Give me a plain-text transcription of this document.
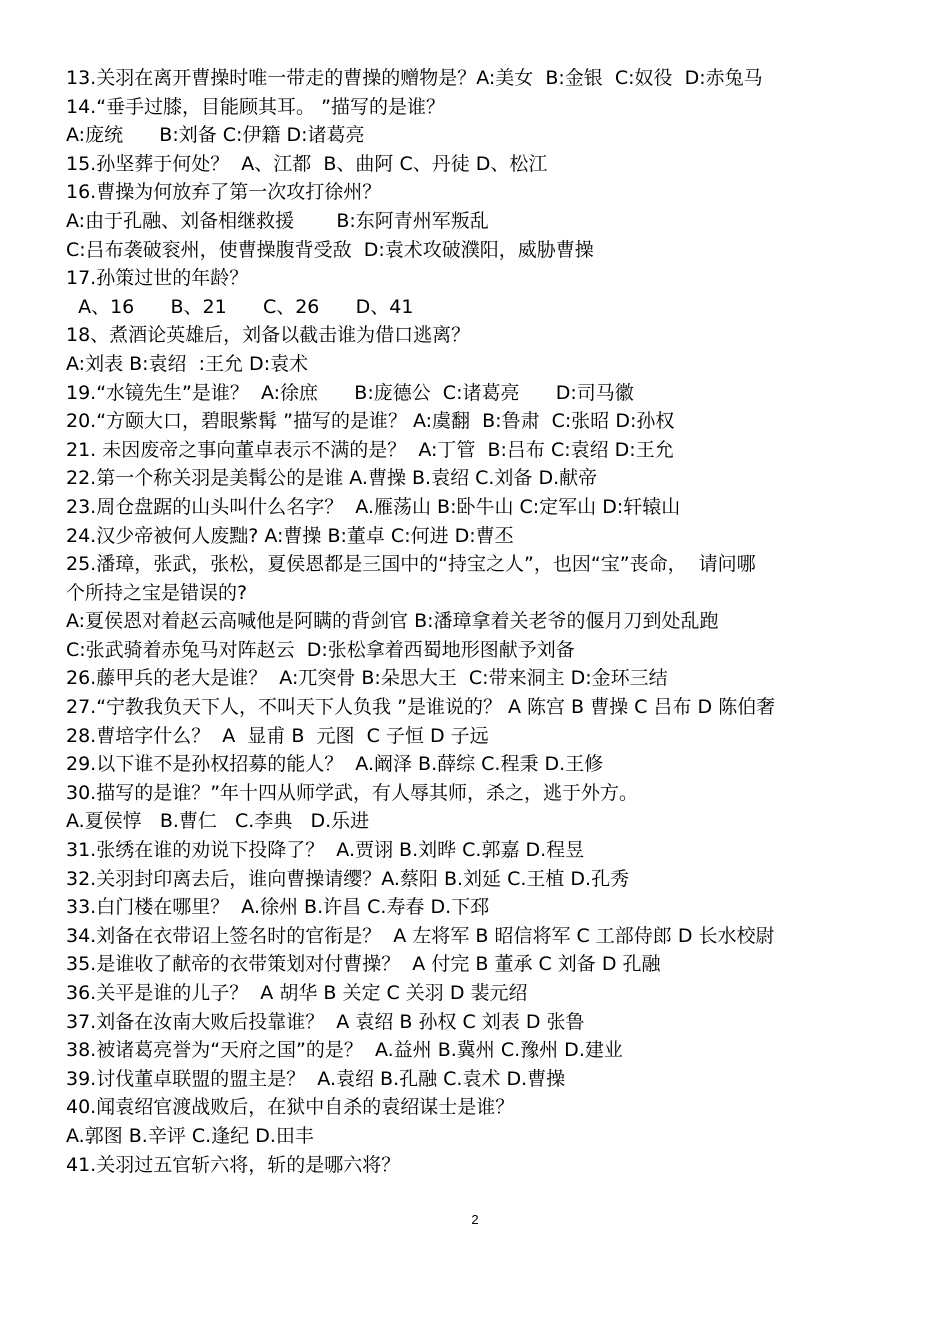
13.关羽在离开曹操时唯一带走的曹操的赠物是？A:美女  B:金银  C:奴役  D:赤兔马
14.“垂手过膝，目能顾其耳。 ”描写的是谁？
A:庞统      B:刘备 C:伊籍 D:诸葛亮
15.孙坚葬于何处？  A、江都  B、曲阿 C、丹徒 D、松江
16.曹操为何放弃了第一次攻打徐州？
A:由于孔融、刘备相继救援       B:东阿青州军叛乱
C:吕布袭破衮州，使曹操腹背受敌  D:袁术攻破濮阳，威胁曹操
17.孙策过世的年龄？
A、16      B、21      C、26      D、41
18、煮酒论英雄后，刘备以截击谁为借口逃离？
A:刘表 B:袁绍  :王允 D:袁术
19.“水镜先生”是谁？  A:徐庶      B:庞德公  C:诸葛亮      D:司马徽
20.“方颐大口，碧眼紫髯 ”描写的是谁？ A:虞翻  B:鲁肃  C:张昭 D:孙权
21. 未因废帝之事向董卓表示不满的是？  A:丁管  B:吕布 C:袁绍 D:王允
22.第一个称关羽是美髯公的是谁 A.曹操 B.袁绍 C.刘备 D.献帝
23.周仓盘踞的山头叫什么名字？  A.雁荡山 B:卧牛山 C:定军山 D:轩辕山
24.汉少帝被何人废黜? A:曹操 B:董卓 C:何进 D:曹丕
25.潘璋，张武，张松，夏侯恩都是三国中的“持宝之人”，也因“宝”丧命，  请问哪
个所持之宝是错误的?
A:夏侯恩对着赵云高喊他是阿瞒的背剑官 B:潘璋拿着关老爷的偃月刀到处乱跑
C:张武骑着赤兔马对阵赵云  D:张松拿着西蜀地形图献予刘备
26.藤甲兵的老大是谁？  A:兀突骨 B:朵思大王  C:带来洞主 D:金环三结
27.“宁教我负天下人，不叫天下人负我 ”是谁说的？ A 陈宫 B 曹操 C 吕布 D 陈伯奢
28.曹培字什么？  A  显甫 B  元图  C 子恒 D 子远
29.以下谁不是孙权招募的能人？  A.阚泽 B.薛综 C.程秉 D.王修
30.描写的是谁？”年十四从师学武，有人辱其师，杀之，逃于外方。
A.夏侯惇   B.曹仁   C.李典   D.乐进
31.张绣在谁的劝说下投降了？  A.贾诩 B.刘晔 C.郭嘉 D.程昱
32.关羽封印离去后，谁向曹操请缨？A.蔡阳 B.刘延 C.王植 D.孔秀
33.白门楼在哪里？  A.徐州 B.许昌 C.寿春 D.下邳
34.刘备在衣带诏上签名时的官衔是？  A 左将军 B 昭信将军 C 工部侍郎 D 长水校尉
35.是谁收了献帝的衣带策划对付曹操？  A 付完 B 董承 C 刘备 D 孔融
36.关平是谁的儿子？  A 胡华 B 关定 C 关羽 D 裴元绍
37.刘备在汝南大败后投靠谁？  A 袁绍 B 孙权 C 刘表 D 张鲁
38.被诸葛亮誉为“天府之国”的是？  A.益州 B.冀州 C.豫州 D.建业
39.讨伐董卓联盟的盟主是？  A.袁绍 B.孔融 C.袁术 D.曹操
40.闻袁绍官渡战败后，在狱中自杀的袁绍谋士是谁？
A.郭图 B.辛评 C.逢纪 D.田丰
41.关羽过五官斩六将，斩的是哪六将？
2
